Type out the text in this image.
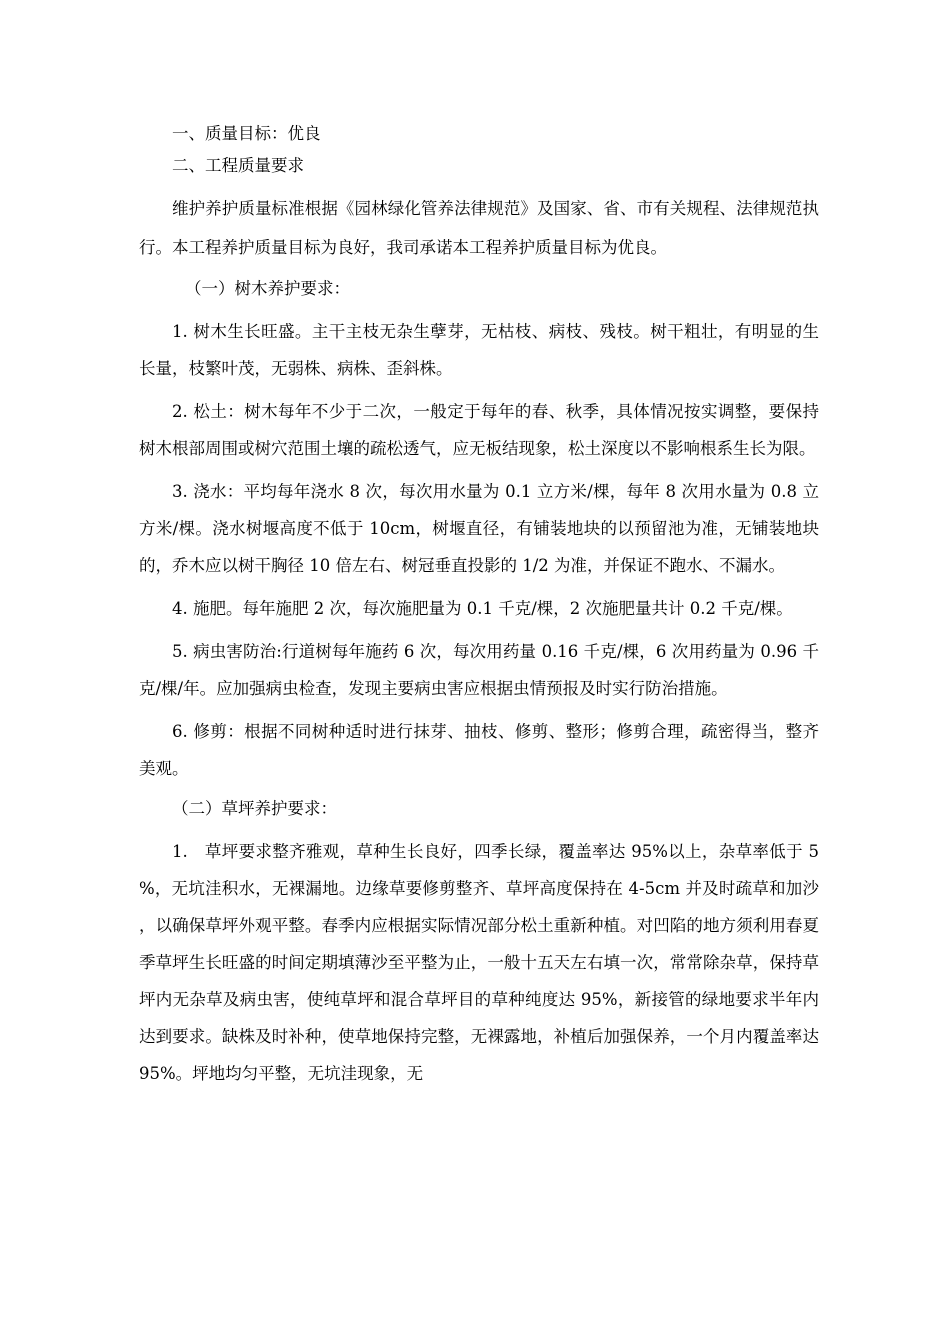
一、质量目标：优良

二、工程质量要求

维护养护质量标准根据《园林绿化管养法律规范》及国家、省、市有关规程、法律规范执行。本工程养护质量目标为良好，我司承诺本工程养护质量目标为优良。

（一）树木养护要求：

1. 树木生长旺盛。主干主枝无杂生孽芽，无枯枝、病枝、残枝。树干粗壮，有明显的生长量，枝繁叶茂，无弱株、病株、歪斜株。

2. 松土：树木每年不少于二次，一般定于每年的春、秋季，具体情况按实调整，要保持树木根部周围或树穴范围土壤的疏松透气，应无板结现象，松土深度以不影响根系生长为限。

3. 浇水：平均每年浇水 8 次，每次用水量为 0.1 立方米/棵，每年 8 次用水量为 0.8 立方米/棵。浇水树堰高度不低于 10cm，树堰直径，有铺装地块的以预留池为准，无铺装地块的，乔木应以树干胸径 10 倍左右、树冠垂直投影的 1/2 为准，并保证不跑水、不漏水。

4. 施肥。每年施肥 2 次，每次施肥量为 0.1 千克/棵，2 次施肥量共计 0.2 千克/棵。

5. 病虫害防治:行道树每年施药 6 次，每次用药量 0.16 千克/棵，6 次用药量为 0.96 千克/棵/年。应加强病虫检查，发现主要病虫害应根据虫情预报及时实行防治措施。

6. 修剪：根据不同树种适时进行抹芽、抽枝、修剪、整形；修剪合理，疏密得当，整齐美观。

（二）草坪养护要求：

1.　草坪要求整齐雅观，草种生长良好，四季长绿，覆盖率达 95%以上，杂草率低于 5%，无坑洼积水，无裸漏地。边缘草要修剪整齐、草坪高度保持在 4-5cm 并及时疏草和加沙，以确保草坪外观平整。春季内应根据实际情况部分松土重新种植。对凹陷的地方须利用春夏季草坪生长旺盛的时间定期填薄沙至平整为止，一般十五天左右填一次，常常除杂草，保持草坪内无杂草及病虫害，使纯草坪和混合草坪目的草种纯度达 95%，新接管的绿地要求半年内达到要求。缺株及时补种，使草地保持完整，无裸露地，补植后加强保养，一个月内覆盖率达 95%。坪地均匀平整，无坑洼现象，无
